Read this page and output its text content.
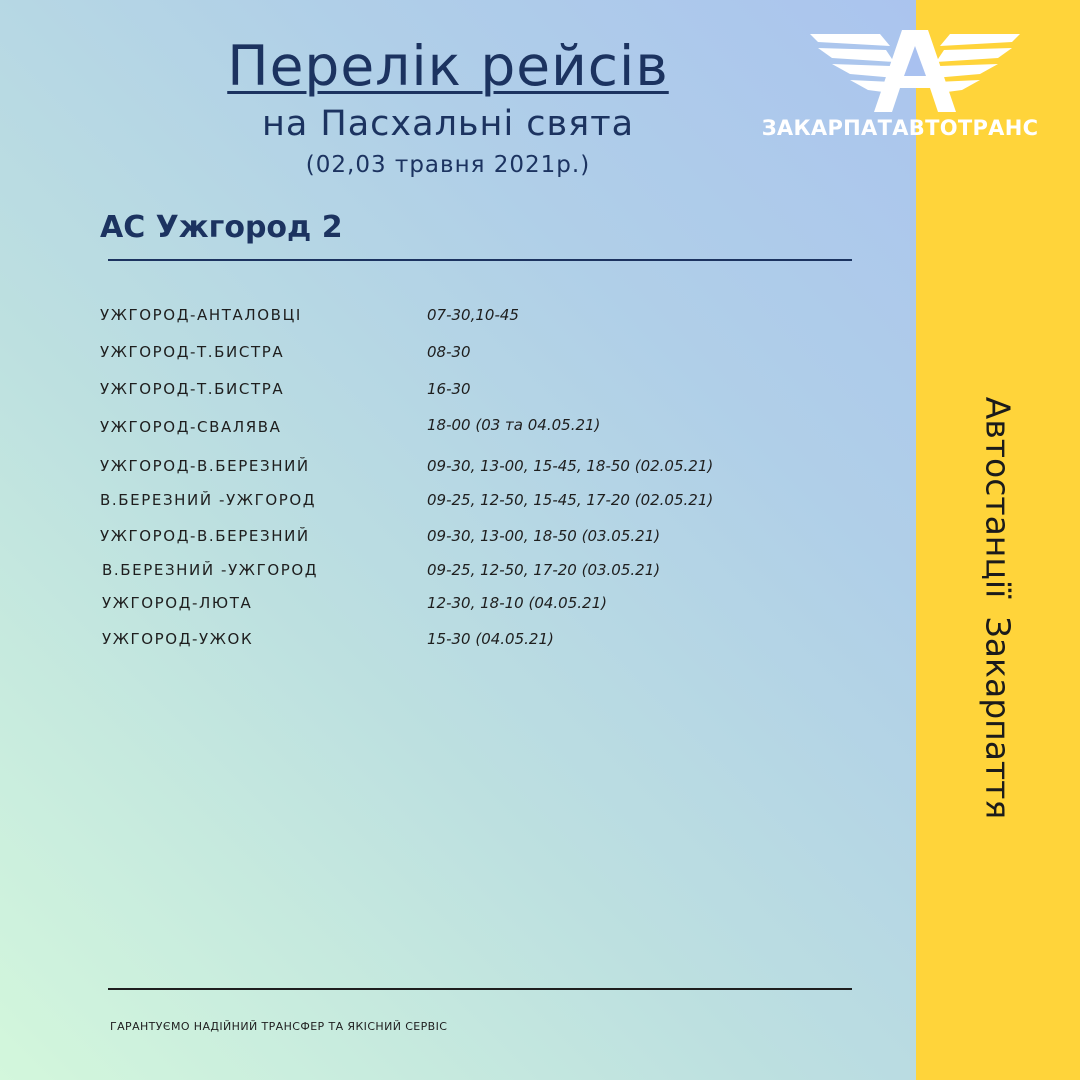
ЗАКАРПАТАВТОТРАНС
Автостанції Закарпаття
Перелік рейсів
на Пасхальні свята
(02,03 травня 2021р.)
АС Ужгород 2
УЖГОРОД-АНТАЛОВЦІ	07-30,10-45
УЖГОРОД-Т.БИСТРА	08-30
УЖГОРОД-Т.БИСТРА	16-30
УЖГОРОД-СВАЛЯВА	18-00 (03 та 04.05.21)
УЖГОРОД-В.БЕРЕЗНИЙ	09-30, 13-00, 15-45, 18-50 (02.05.21)
В.БЕРЕЗНИЙ -УЖГОРОД	09-25, 12-50, 15-45, 17-20 (02.05.21)
УЖГОРОД-В.БЕРЕЗНИЙ	09-30, 13-00, 18-50 (03.05.21)
В.БЕРЕЗНИЙ -УЖГОРОД	09-25, 12-50, 17-20 (03.05.21)
УЖГОРОД-ЛЮТА	12-30, 18-10 (04.05.21)
УЖГОРОД-УЖОК	15-30 (04.05.21)
ГАРАНТУЄМО НАДІЙНИЙ ТРАНСФЕР ТА ЯКІСНИЙ СЕРВІС
